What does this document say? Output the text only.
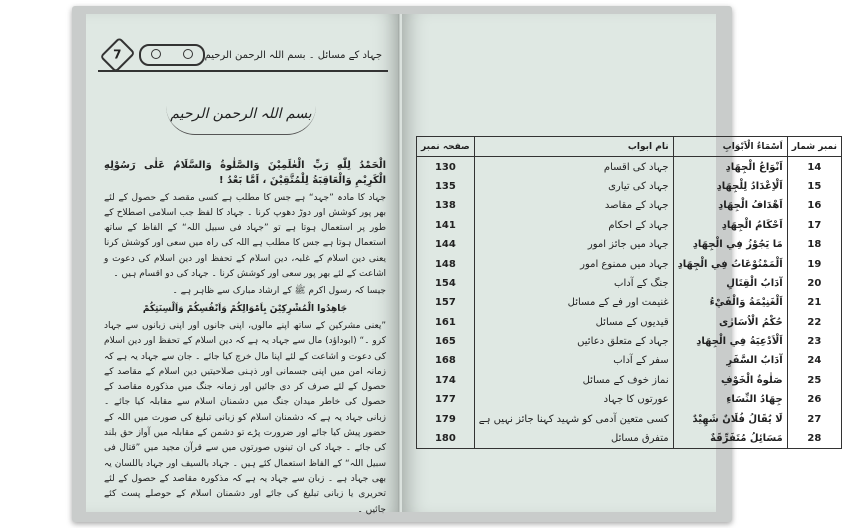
7	جہاد کے مسائل ۔ بسم اللہ الرحمن الرحیم
بسم اللہ الرحمن الرحیم

الْحَمْدُ لِلّٰهِ رَبِّ الْعٰلَمِيْنَ وَالصَّلٰوةُ وَالسَّلَامُ عَلٰى رَسُوْلِهِ الْكَرِيْمِ وَالْعَاقِبَةُ لِلْمُتَّقِيْنَ ، اَمَّا بَعْدُ !

جہاد کا مادہ ”جہد“ ہے جس کا مطلب ہے کسی مقصد کے حصول کے لئے بھر پور کوشش اور دوڑ دھوپ کرنا ۔ جہاد کا لفظ جب اسلامی اصطلاح کے طور پر استعمال ہوتا ہے تو ”جہاد فی سبیل اللہ“ کے الفاظ کے ساتھ استعمال ہوتا ہے جس کا مطلب ہے اللہ کی راہ میں سعی اور کوشش کرنا یعنی دین اسلام کے غلبہ، دین اسلام کے تحفظ اور دین اسلام کی دعوت و اشاعت کے لئے بھر پور سعی اور کوشش کرنا ۔ جہاد کی دو اقسام ہیں ۔

جیسا کہ رسول اکرم ﷺ کے ارشاد مبارک سے ظاہر ہے ۔

جَاهِدُوا الْمُشْرِكِيْنَ بِاَمْوَالِكُمْ وَاَنْفُسِكُمْ وَاَلْسِنَتِكُمْ

”یعنی مشرکین کے ساتھ اپنے مالوں، اپنی جانوں اور اپنی زبانوں سے جہاد کرو ۔“ (ابوداؤد) مال سے جہاد یہ ہے کہ دین اسلام کے تحفظ اور دین اسلام کی دعوت و اشاعت کے لئے اپنا مال خرچ کیا جائے ۔ جان سے جہاد یہ ہے کہ زمانہ امن میں اپنی جسمانی اور ذہنی صلاحیتیں دین اسلام کے مقاصد کے حصول کے لئے صرف کر دی جائیں اور زمانہ جنگ میں مذکورہ مقاصد کے حصول کی خاطر میدان جنگ میں دشمنان اسلام سے مقابلہ کیا جائے ۔ زبانی جہاد یہ ہے کہ دشمنان اسلام کو زبانی تبلیغ کی صورت میں اللہ کے حضور پیش کیا جائے اور ضرورت پڑے تو دشمن کے مقابلہ میں آواز حق بلند کی جائے ۔ جہاد کی ان تینوں صورتوں میں سے قرآن مجید میں ”قتال فی سبیل اللہ“ کے الفاظ استعمال کئے ہیں ۔ جہاد بالسیف اور جہاد باللسان یہ بھی جہاد ہے ۔ زبان سے جہاد یہ ہے کہ مذکورہ مقاصد کے حصول کے لئے تحریری یا زبانی تبلیغ کی جائے اور دشمنان اسلام کے حوصلے پست کئے جائیں ۔

نمبر شمار	اَسْمَاءُ الْاَبْوَابِ	نام ابواب	صفحہ نمبر
14	اَنْوَاعُ الْجِهَادِ	جہاد کی اقسام	130
15	اَلْاِعْدَادُ لِلْجِهَادِ	جہاد کی تیاری	135
16	اَهْدَافُ الْجِهَادِ	جہاد کے مقاصد	138
17	اَحْكَامُ الْجِهَادِ	جہاد کے احکام	141
18	مَا يَجُوْزُ فِي الْجِهَادِ	جہاد میں جائز امور	144
19	اَلْمَمْنُوْعَاتُ فِي الْجِهَادِ	جہاد میں ممنوع امور	148
20	آدَابُ الْقِتَالِ	جنگ کے آداب	154
21	اَلْغَنِيْمَةُ وَالْفَيْءُ	غنیمت اور فے کے مسائل	157
22	حُكْمُ الْاُسَارٰى	قیدیوں کے مسائل	161
23	اَلْاَدْعِيَةُ فِي الْجِهَادِ	جہاد کے متعلق دعائیں	165
24	آدَابُ السَّفَرِ	سفر کے آداب	168
25	صَلٰوةُ الْخَوْفِ	نماز خوف کے مسائل	174
26	جِهَادُ النِّسَاءِ	عورتوں کا جہاد	177
27	لَا يُقَالُ فُلَانٌ شَهِيْدٌ	کسی متعین آدمی کو شہید کہنا جائز نہیں ہے	179
28	مَسَائِلُ مُتَفَرِّقَةٌ	متفرق مسائل	180
